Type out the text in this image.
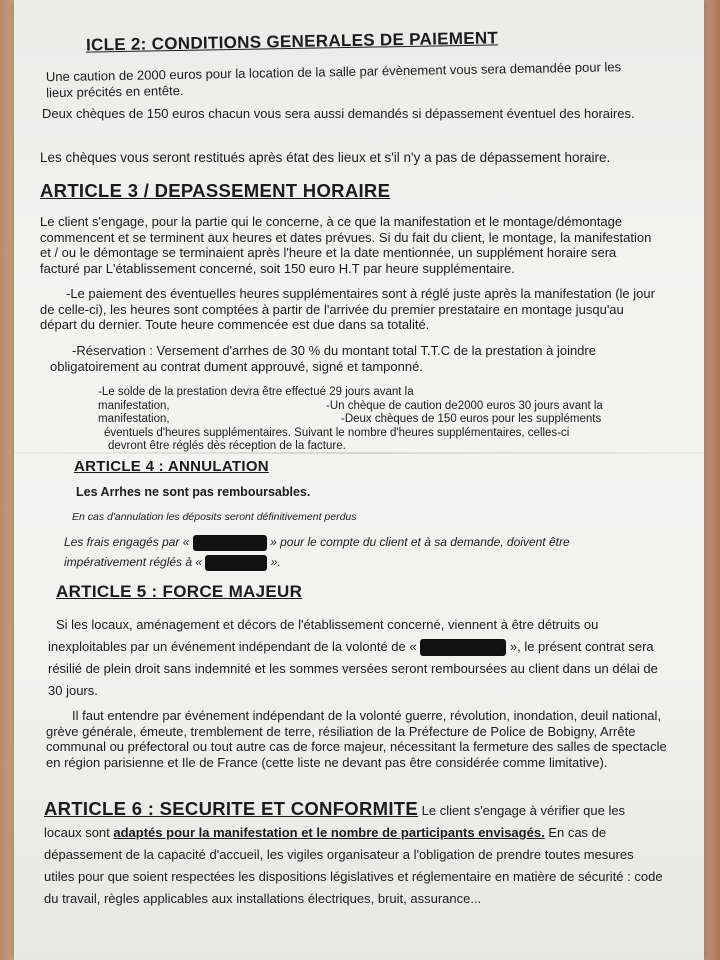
ICLE 2: CONDITIONS GENERALES DE PAIEMENT
Une caution de 2000 euros pour la location de la salle par évènement vous sera demandée pour les lieux précités en entête.
Deux chèques de 150 euros chacun vous sera aussi demandés si dépassement éventuel des horaires.
Les chèques vous seront restitués après état des lieux et s'il n'y a pas de dépassement horaire.
ARTICLE 3 / DEPASSEMENT HORAIRE
Le client s'engage, pour la partie qui le concerne, à ce que la manifestation et le montage/démontage commencent et se terminent aux heures et dates prévues. Si du fait du client, le montage, la manifestation et / ou le démontage se terminaient après l'heure et la date mentionnée, un supplément horaire sera facturé par L'établissement concerné, soit 150 euro H.T par heure supplémentaire.
-Le paiement des éventuelles heures supplémentaires sont à réglé juste après la manifestation (le jour de celle-ci), les heures sont comptées à partir de l'arrivée du premier prestataire en montage jusqu'au départ du dernier. Toute heure commencée est due dans sa totalité.
-Réservation : Versement d'arrhes de 30 % du montant total T.T.C de la prestation à joindre obligatoirement au contrat dument approuvé, signé et tamponné.
-Le solde de la prestation devra être effectué 29 jours avant la
manifestation,	-Un chèque de caution de2000 euros 30 jours avant la
manifestation,	-Deux chèques de 150 euros pour les suppléments
éventuels d'heures supplémentaires. Suivant le nombre d'heures supplémentaires, celles-ci
devront être réglés dès réception de la facture.
ARTICLE 4 : ANNULATION
Les Arrhes ne sont pas remboursables.
En cas d'annulation les déposits seront définitivement perdus
Les frais engagés par «	» pour le compte du client et à sa demande, doivent être
impérativement réglés à «	».
ARTICLE 5 : FORCE MAJEUR
Si les locaux, aménagement et décors de l'établissement concerné, viennent à être détruits ou inexploitables par un événement indépendant de la volonté de «	», le présent contrat sera résilié de plein droit sans indemnité et les sommes versées seront remboursées au client dans un délai de 30 jours.
Il faut entendre par événement indépendant de la volonté guerre, révolution, inondation, deuil national, grève générale, émeute, tremblement de terre, résiliation de la Préfecture de Police de Bobigny, Arrête communal ou préfectoral ou tout autre cas de force majeur, nécessitant la fermeture des salles de spectacle en région parisienne et Ile de France (cette liste ne devant pas être considérée comme limitative).
ARTICLE 6 : SECURITE ET CONFORMITE Le client s'engage à vérifier que les locaux sont adaptés pour la manifestation et le nombre de participants envisagés. En cas de dépassement de la capacité d'accueil, les vigiles organisateur a l'obligation de prendre toutes mesures utiles pour que soient respectées les dispositions législatives et réglementaire en matière de sécurité : code du travail, règles applicables aux installations électriques, bruit, assurance...
